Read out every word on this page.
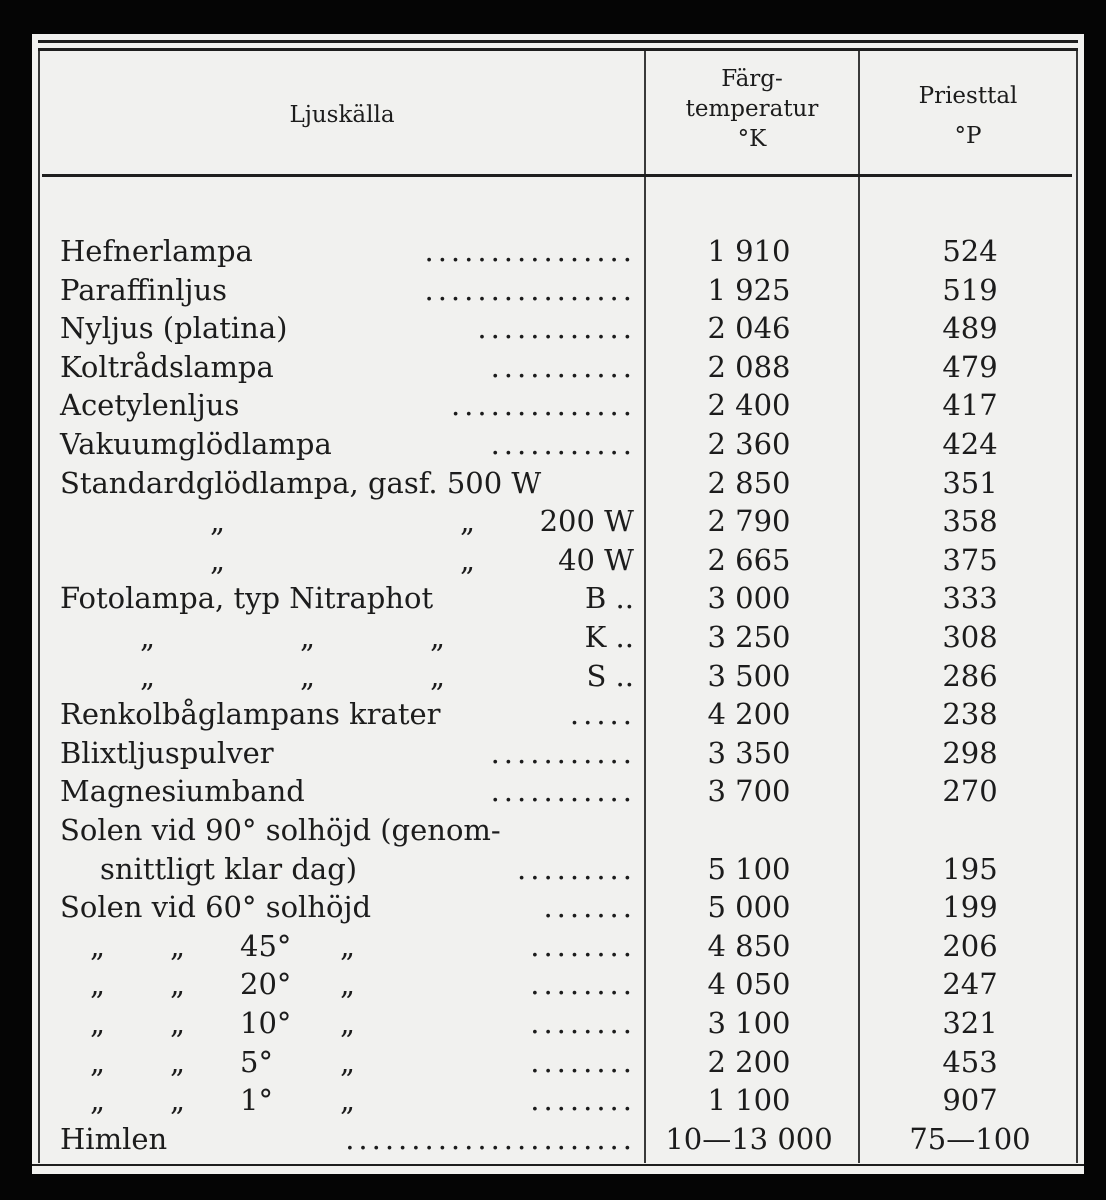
Ljuskälla
Färg-
temperatur
°K
Priesttal
°P
Hefnerlampa	................	1 910	524
Paraffinljus	................	1 925	519
Nyljus (platina)	............	2 046	489
Koltrådslampa	...........	2 088	479
Acetylenljus	..............	2 400	417
Vakuumglödlampa	...........	2 360	424
Standardglödlampa, gasf. 500 W	2 850	351
„	„ 200 W	2 790	358
„	„	40 W	2 665	375
Fotolampa, typ Nitraphot	B ..	3 000	333
„	„	„	K ..	3 250	308
„	„	„	S ..	3 500	286
Renkolbåglampans krater	.....	4 200	238
Blixtljuspulver	...........	3 350	298
Magnesiumband	...........	3 700	270
Solen vid 90° solhöjd (genom-
snittligt klar dag)	.........	5 100	195
Solen vid 60° solhöjd	.......	5 000	199
„ „ 45° „	........	4 850	206
„ „ 20° „	........	4 050	247
„ „ 10° „	........	3 100	321
„ „ 5° „	........	2 200	453
„ „ 1° „	........	1 100	907
Himlen	......................	10—13 000	75—100
